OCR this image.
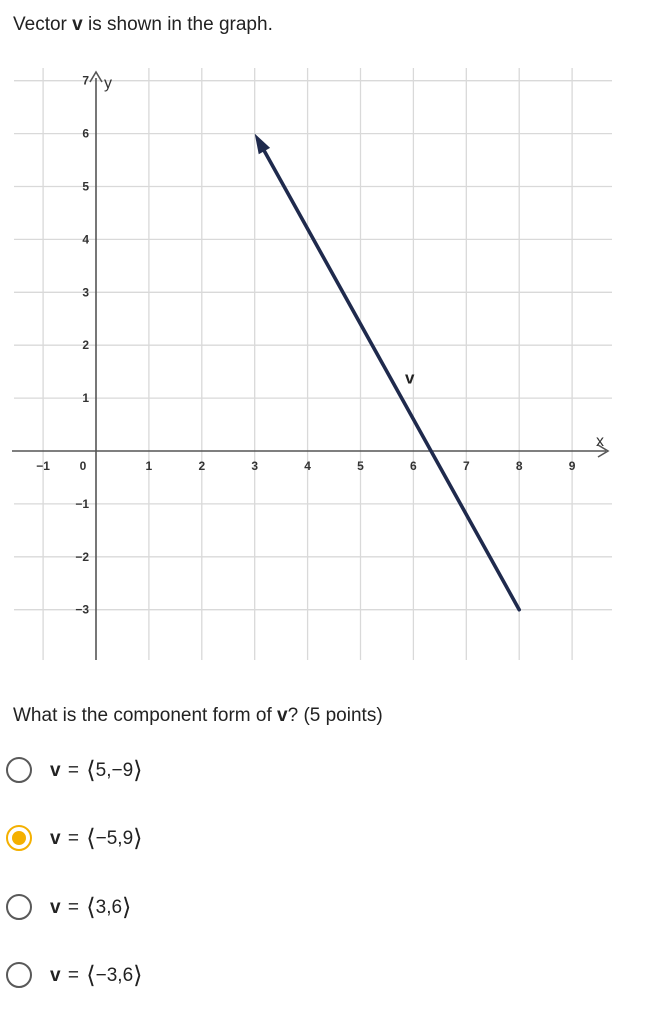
Vector v is shown in the graph.

x
y
−1 0	1	2	3	4	5	6	7	8	9
−3
−2
−1
1
2
3
4
5
6
7
v

What is the component form of v? (5 points)

v = ⟨5,−9⟩
v = ⟨−5,9⟩
v = ⟨3,6⟩
v = ⟨−3,6⟩
